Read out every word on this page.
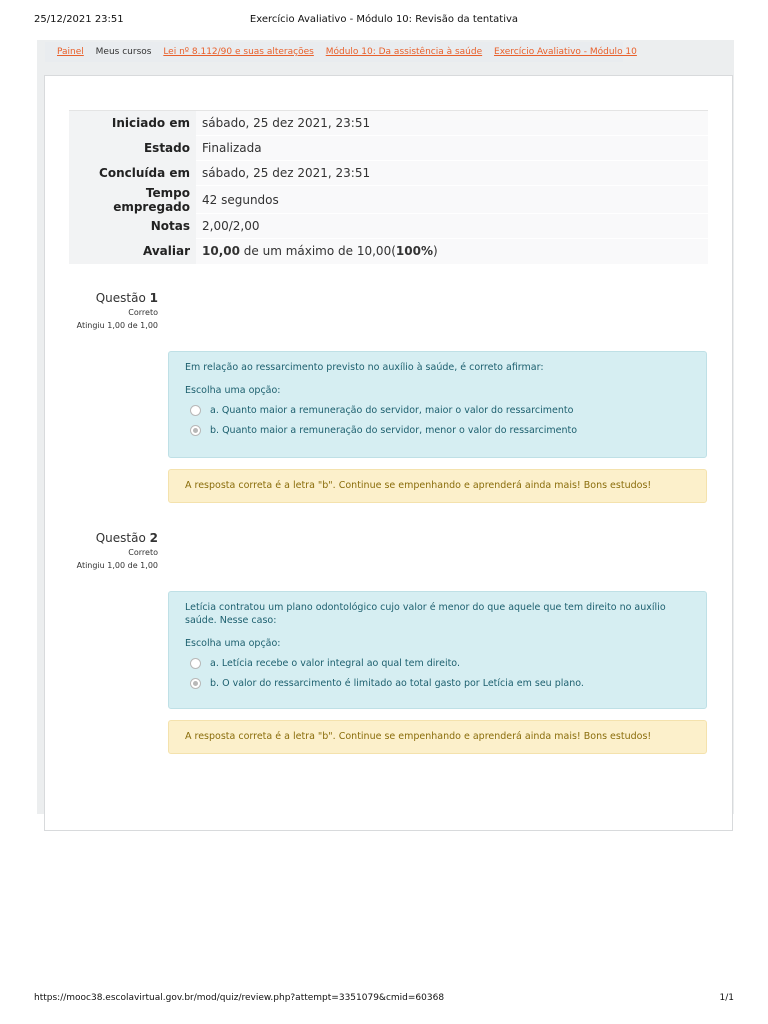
25/12/2021 23:51	Exercício Avaliativo - Módulo 10: Revisão da tentativa
Painel Meus cursos Lei nº 8.112/90 e suas alterações Módulo 10: Da assistência à saúde Exercício Avaliativo - Módulo 10
Iniciado em	sábado, 25 dez 2021, 23:51
Estado	Finalizada
Concluída em	sábado, 25 dez 2021, 23:51
Tempo empregado	42 segundos
Notas	2,00/2,00
Avaliar	10,00 de um máximo de 10,00(100%)
Questão 1
Correto
Atingiu 1,00 de 1,00
Em relação ao ressarcimento previsto no auxílio à saúde, é correto afirmar:
Escolha uma opção:
a. Quanto maior a remuneração do servidor, maior o valor do ressarcimento
b. Quanto maior a remuneração do servidor, menor o valor do ressarcimento
A resposta correta é a letra "b". Continue se empenhando e aprenderá ainda mais! Bons estudos!
Questão 2
Correto
Atingiu 1,00 de 1,00
Letícia contratou um plano odontológico cujo valor é menor do que aquele que tem direito no auxílio saúde. Nesse caso:
Escolha uma opção:
a. Letícia recebe o valor integral ao qual tem direito.
b. O valor do ressarcimento é limitado ao total gasto por Letícia em seu plano.
A resposta correta é a letra "b". Continue se empenhando e aprenderá ainda mais! Bons estudos!
https://mooc38.escolavirtual.gov.br/mod/quiz/review.php?attempt=3351079&cmid=60368	1/1
